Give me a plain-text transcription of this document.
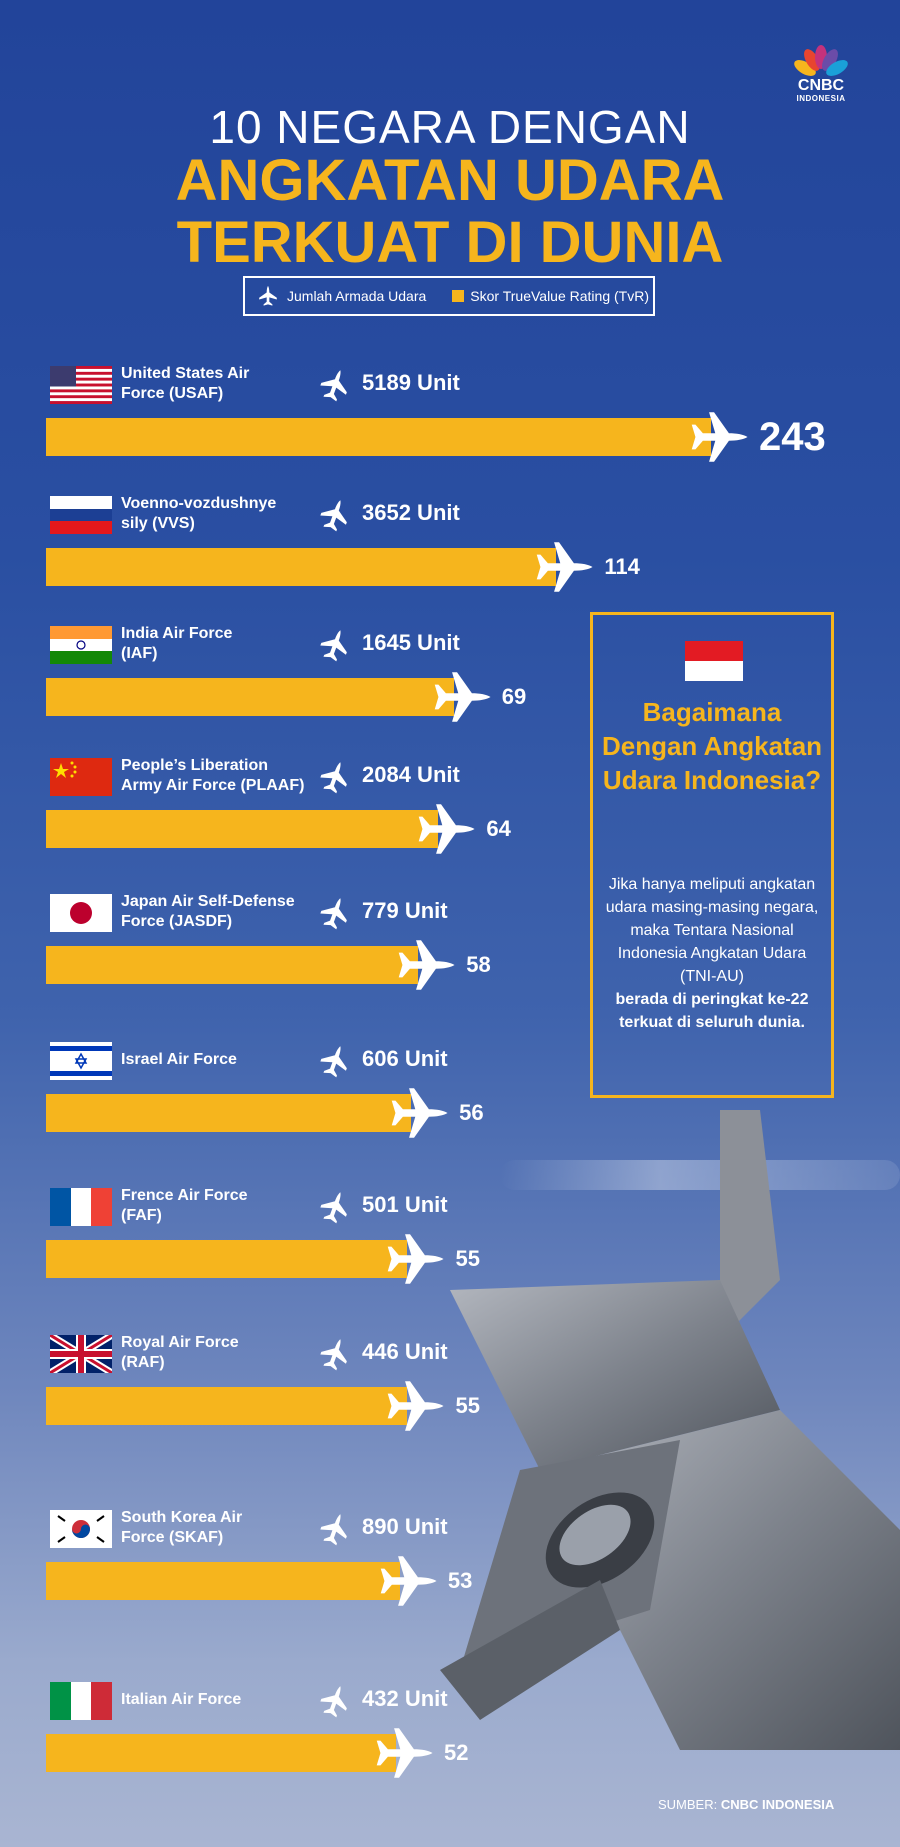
CNBC
INDONESIA
10 NEGARA DENGAN
ANGKATAN UDARA
TERKUAT DI DUNIA
Jumlah Armada Udara	Skor TrueValue Rating (TvR)
United States Air
Force (USAF)	5189 Unit
243
Voenno-vozdushnye
sily (VVS)	3652 Unit
114
India Air Force
(IAF)	1645 Unit
69
People’s Liberation
Army Air Force (PLAAF)	2084 Unit
64
Japan Air Self-Defense
Force (JASDF)	779 Unit
58
Israel Air Force	606 Unit
56
Frence Air Force
(FAF)	501 Unit
55
Royal Air Force
(RAF)	446 Unit
55
South Korea Air
Force (SKAF)	890 Unit
53
Italian Air Force	432 Unit
52
Bagaimana Dengan Angkatan Udara Indonesia?
Jika hanya meliputi angkatan udara masing-masing negara, maka Tentara Nasional Indonesia Angkatan Udara (TNI-AU)
berada di peringkat ke-22 terkuat di seluruh dunia.
SUMBER: CNBC INDONESIA
